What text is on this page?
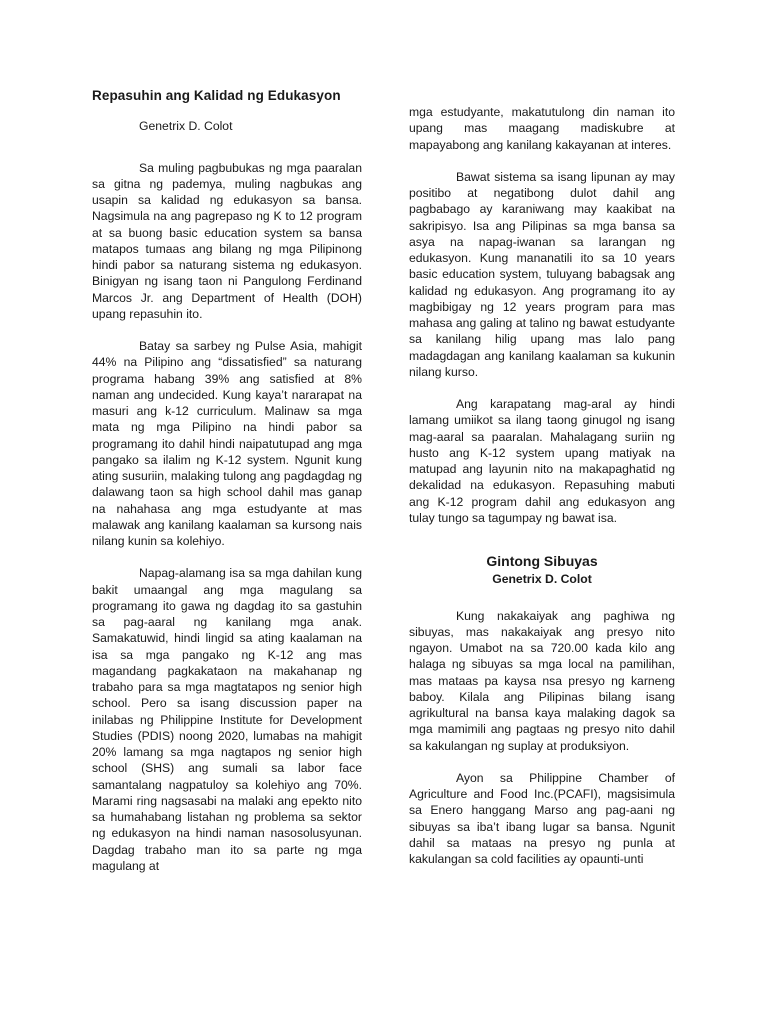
Repasuhin ang Kalidad ng Edukasyon
Genetrix D. Colot

Sa muling pagbubukas ng mga paaralan sa gitna ng pademya, muling nagbukas ang usapin sa kalidad ng edukasyon sa bansa. Nagsimula na ang pagrepaso ng K to 12 program at sa buong basic education system sa bansa matapos tumaas ang bilang ng mga Pilipinong hindi pabor sa naturang sistema ng edukasyon. Binigyan ng isang taon ni Pangulong Ferdinand Marcos Jr. ang Department of Health (DOH) upang repasuhin ito.

Batay sa sarbey ng Pulse Asia, mahigit 44% na Pilipino ang “dissatisfied” sa naturang programa habang 39% ang satisfied at 8% naman ang undecided. Kung kaya’t nararapat na masuri ang k-12 curriculum. Malinaw sa mga mata ng mga Pilipino na hindi pabor sa programang ito dahil hindi naipatutupad ang mga pangako sa ilalim ng K-12 system. Ngunit kung ating susuriin, malaking tulong ang pagdagdag ng dalawang taon sa high school dahil mas ganap na nahahasa ang mga estudyante at mas malawak ang kanilang kaalaman sa kursong nais nilang kunin sa kolehiyo.

Napag-alamang isa sa mga dahilan kung bakit umaangal ang mga magulang sa programang ito gawa ng dagdag ito sa gastuhin sa pag-aaral ng kanilang mga anak. Samakatuwid, hindi lingid sa ating kaalaman na isa sa mga pangako ng K-12 ang mas magandang pagkakataon na makahanap ng trabaho para sa mga magtatapos ng senior high school. Pero sa isang discussion paper na inilabas ng Philippine Institute for Development Studies (PDIS) noong 2020, lumabas na mahigit 20% lamang sa mga nagtapos ng senior high school (SHS) ang sumali sa labor face samantalang nagpatuloy sa kolehiyo ang 70%. Marami ring nagsasabi na malaki ang epekto nito sa humahabang listahan ng problema sa sektor ng edukasyon na hindi naman nasosolusyunan. Dagdag trabaho man ito sa parte ng mga magulang at

mga estudyante, makatutulong din naman ito upang mas maagang madiskubre at mapayabong ang kanilang kakayanan at interes.

Bawat sistema sa isang lipunan ay may positibo at negatibong dulot dahil ang pagbabago ay karaniwang may kaakibat na sakripisyo. Isa ang Pilipinas sa mga bansa sa asya na napag-iwanan sa larangan ng edukasyon. Kung mananatili ito sa 10 years basic education system, tuluyang babagsak ang kalidad ng edukasyon. Ang programang ito ay magbibigay ng 12 years program para mas mahasa ang galing at talino ng bawat estudyante sa kanilang hilig upang mas lalo pang madagdagan ang kanilang kaalaman sa kukunin nilang kurso.

Ang karapatang mag-aral ay hindi lamang umiikot sa ilang taong ginugol ng isang mag-aaral sa paaralan. Mahalagang suriin ng husto ang K-12 system upang matiyak na matupad ang layunin nito na makapaghatid ng dekalidad na edukasyon. Repasuhing mabuti ang K-12 program dahil ang edukasyon ang tulay tungo sa tagumpay ng bawat isa.

Gintong Sibuyas
Genetrix D. Colot

Kung nakakaiyak ang paghiwa ng sibuyas, mas nakakaiyak ang presyo nito ngayon. Umabot na sa 720.00 kada kilo ang halaga ng sibuyas sa mga local na pamilihan, mas mataas pa kaysa nsa presyo ng karneng baboy. Kilala ang Pilipinas bilang isang agrikultural na bansa kaya malaking dagok sa mga mamimili ang pagtaas ng presyo nito dahil sa kakulangan ng suplay at produksiyon.

Ayon sa Philippine Chamber of Agriculture and Food Inc.(PCAFI), magsisimula sa Enero hanggang Marso ang pag-aani ng sibuyas sa iba’t ibang lugar sa bansa. Ngunit dahil sa mataas na presyo ng punla at kakulangan sa cold facilities ay opaunti-unti
